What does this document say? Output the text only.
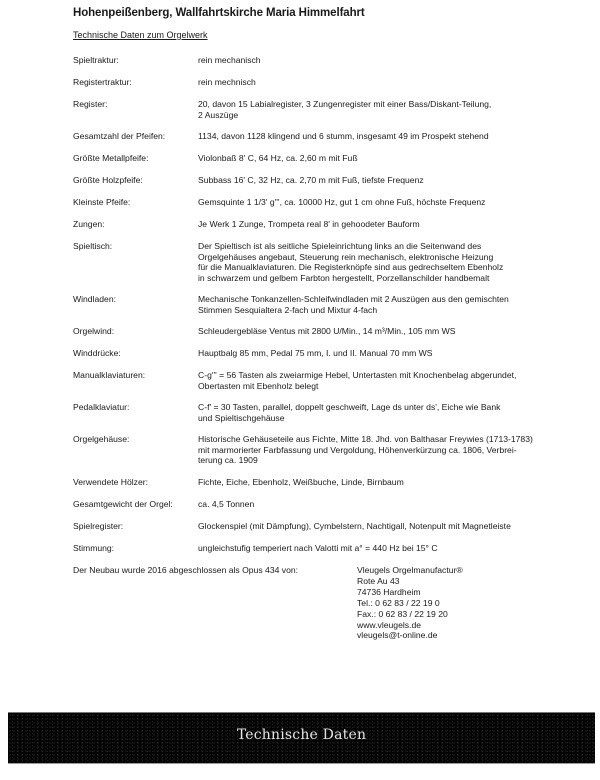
Hohenpeißenberg, Wallfahrtskirche Maria Himmelfahrt
Technische Daten zum Orgelwerk
Spieltraktur:	rein mechanisch
Registertraktur:	rein mechnisch
Register:	20, davon 15 Labialregister, 3 Zungenregister mit einer Bass/Diskant-Teilung,
2 Auszüge
Gesamtzahl der Pfeifen:	1134, davon 1128 klingend und 6 stumm, insgesamt 49 im Prospekt stehend
Größte Metallpfeife:	Violonbaß 8' C, 64 Hz, ca. 2,60 m mit Fuß
Größte Holzpfeife:	Subbass 16' C, 32 Hz, ca. 2,70 m mit Fuß, tiefste Frequenz
Kleinste Pfeife:	Gemsquinte 1 1/3' g''', ca. 10000 Hz, gut 1 cm ohne Fuß, höchste Frequenz
Zungen:	Je Werk 1 Zunge, Trompeta real 8' in gehoodeter Bauform
Spieltisch:	Der Spieltisch ist als seitliche Spieleinrichtung links an die Seitenwand des
Orgelgehäuses angebaut, Steuerung rein mechanisch, elektronische Heizung
für die Manualklaviaturen. Die Registerknöpfe sind aus gedrechseltem Ebenholz
in schwarzem und gelbem Farbton hergestellt, Porzellanschilder handbemalt
Windladen:	Mechanische Tonkanzellen-Schleifwindladen mit 2 Auszügen aus den gemischten
Stimmen Sesquialtera 2-fach und Mixtur 4-fach
Orgelwind:	Schleudergebläse Ventus mit 2800 U/Min., 14 m³/Min., 105 mm WS
Winddrücke:	Hauptbalg 85 mm, Pedal 75 mm, I. und II. Manual 70 mm WS
Manualklaviaturen:	C-g''' = 56 Tasten als zweiarmige Hebel, Untertasten mit Knochenbelag abgerundet,
Obertasten mit Ebenholz belegt
Pedalklaviatur:	C-f' = 30 Tasten, parallel, doppelt geschweift, Lage ds unter ds', Eiche wie Bank
und Spieltischgehäuse
Orgelgehäuse:	Historische Gehäuseteile aus Fichte, Mitte 18. Jhd. von Balthasar Freywies (1713-1783)
mit marmorierter Farbfassung und Vergoldung, Höhenverkürzung ca. 1806, Verbrei-
terung ca. 1909
Verwendete Hölzer:	Fichte, Eiche, Ebenholz, Weißbuche, Linde, Birnbaum
Gesamtgewicht der Orgel:	ca. 4,5 Tonnen
Spielregister:	Glockenspiel (mit Dämpfung), Cymbelstern, Nachtigall, Notenpult mit Magnetleiste
Stimmung:	ungleichstufig temperiert nach Valotti mit a° = 440 Hz bei 15° C
Der Neubau wurde 2016 abgeschlossen als Opus 434 von:	Vleugels Orgelmanufactur®
Rote Au 43
74736 Hardheim
Tel.: 0 62 83 / 22 19 0
Fax.: 0 62 83 / 22 19 20
www.vleugels.de
vleugels@t-online.de
Technische Daten
